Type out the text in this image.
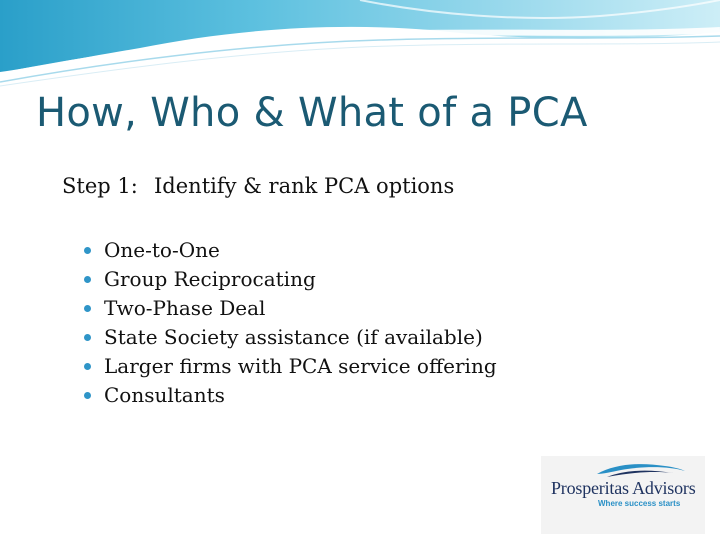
How, Who & What of a PCA

Step 1: Identify & rank PCA options

One-to-One
Group Reciprocating
Two-Phase Deal
State Society assistance (if available)
Larger firms with PCA service offering
Consultants
Prosperitas Advisors
Where success starts
